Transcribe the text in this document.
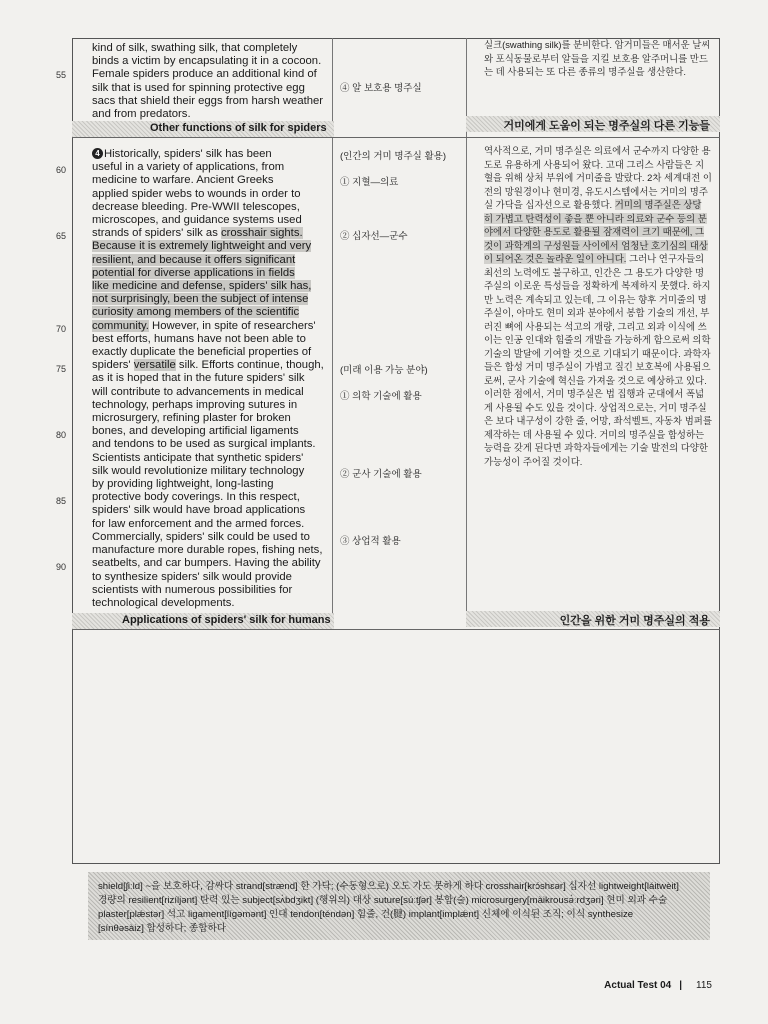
55
60
65
70
75
80
85
90

kind of silk, swathing silk, that completely

binds a victim by encapsulating it in a cocoon.

Female spiders produce an additional kind of

silk that is used for spinning protective egg

sacs that shield their eggs from harsh weather

and from predators.

Other functions of silk for spiders	거미에게 도움이 되는 명주실의 다른 기능들

4 Historically, spiders' silk has been

useful in a variety of applications, from

medicine to warfare. Ancient Greeks

applied spider webs to wounds in order to

decrease bleeding. Pre-WWII telescopes,

microscopes, and guidance systems used

strands of spiders' silk as crosshair sights.

Because it is extremely lightweight and very

resilient, and because it offers significant

potential for diverse applications in fields

like medicine and defense, spiders' silk has,

not surprisingly, been the subject of intense

curiosity among members of the scientific

community. However, in spite of researchers'

best efforts, humans have not been able to

exactly duplicate the beneficial properties of

spiders' versatile silk. Efforts continue, though,

as it is hoped that in the future spiders' silk

will contribute to advancements in medical

technology, perhaps improving sutures in

microsurgery, refining plaster for broken

bones, and developing artificial ligaments

and tendons to be used as surgical implants.

Scientists anticipate that synthetic spiders'

silk would revolutionize military technology

by providing lightweight, long-lasting

protective body coverings. In this respect,

spiders' silk would have broad applications

for law enforcement and the armed forces.

Commercially, spiders' silk could be used to

manufacture more durable ropes, fishing nets,

seatbelts, and car bumpers. Having the ability

to synthesize spiders' silk would provide

scientists with numerous possibilities for

technological developments.

Applications of spiders' silk for humans	인간을 위한 거미 명주실의 적용
④ 알 보호용 명주실
(인간의 거미 명주실 활용)
① 지혈—의료
② 십자선—군수
(미래 이용 가능 분야)
① 의학 기술에 활용
② 군사 기술에 활용
③ 상업적 활용

실크(swathing silk)를 분비한다. 암거미들은 매서운 날씨

와 포식동물로부터 알들을 지킬 보호용 알주머니를 만드

는 데 사용되는 또 다른 종류의 명주실을 생산한다.

역사적으로, 거미 명주실은 의료에서 군수까지 다양한 용

도로 유용하게 사용되어 왔다. 고대 그리스 사람들은 지

혈을 위해 상처 부위에 거미줄을 발랐다. 2차 세계대전 이

전의 망원경이나 현미경, 유도시스템에서는 거미의 명주

실 가닥을 십자선으로 활용했다. 거미의 명주실은 상당

히 가볍고 탄력성이 좋을 뿐 아니라 의료와 군수 등의 분

야에서 다양한 용도로 활용될 잠재력이 크기 때문에, 그

것이 과학계의 구성원들 사이에서 엄청난 호기심의 대상

이 되어온 것은 놀라운 일이 아니다. 그러나 연구자들의

최선의 노력에도 불구하고, 인간은 그 용도가 다양한 명

주실의 이로운 특성들을 정확하게 복제하지 못했다. 하지

만 노력은 계속되고 있는데, 그 이유는 향후 거미줄의 명

주실이, 아마도 현미 외과 분야에서 봉합 기술의 개선, 부

러진 뼈에 사용되는 석고의 개량, 그리고 외과 이식에 쓰

이는 인공 인대와 힘줄의 개발을 가능하게 함으로써 의학

기술의 발달에 기여할 것으로 기대되기 때문이다. 과학자

들은 합성 거미 명주실이 가볍고 질긴 보호복에 사용됨으

로써, 군사 기술에 혁신을 가져올 것으로 예상하고 있다.

이러한 점에서, 거미 명주실은 법 집행과 군대에서 폭넓

게 사용될 수도 있을 것이다. 상업적으로는, 거미 명주실

은 보다 내구성이 강한 줄, 어망, 좌석벨트, 자동차 범퍼를

제작하는 데 사용될 수 있다. 거미의 명주실을 합성하는

능력을 갖게 된다면 과학자들에게는 기술 발전의 다양한

가능성이 주어질 것이다.

shield[ʃiːld] ~을 보호하다, 감싸다 strand[strænd] 한 가닥; (수동형으로) 오도 가도 못하게 하다 crosshair[krɔ́shɛər] 십자선 lightweight[láitwèit]

경량의 resilient[rizíljənt] 탄력 있는 subject[sʌ́bdʒikt] (행위의) 대상 suture[súːtʃər] 봉합(술) microsurgery[màikrousə́ːrdʒəri] 현미 외과 수술

plaster[plǽstər] 석고 ligament[lígəmənt] 인대 tendon[téndən] 힘줄, 건(腱) implant[implǽnt] 신체에 이식된 조직; 이식 synthesize

[sínθəsàiz] 합성하다; 종합하다

Actual Test 04 | 115
